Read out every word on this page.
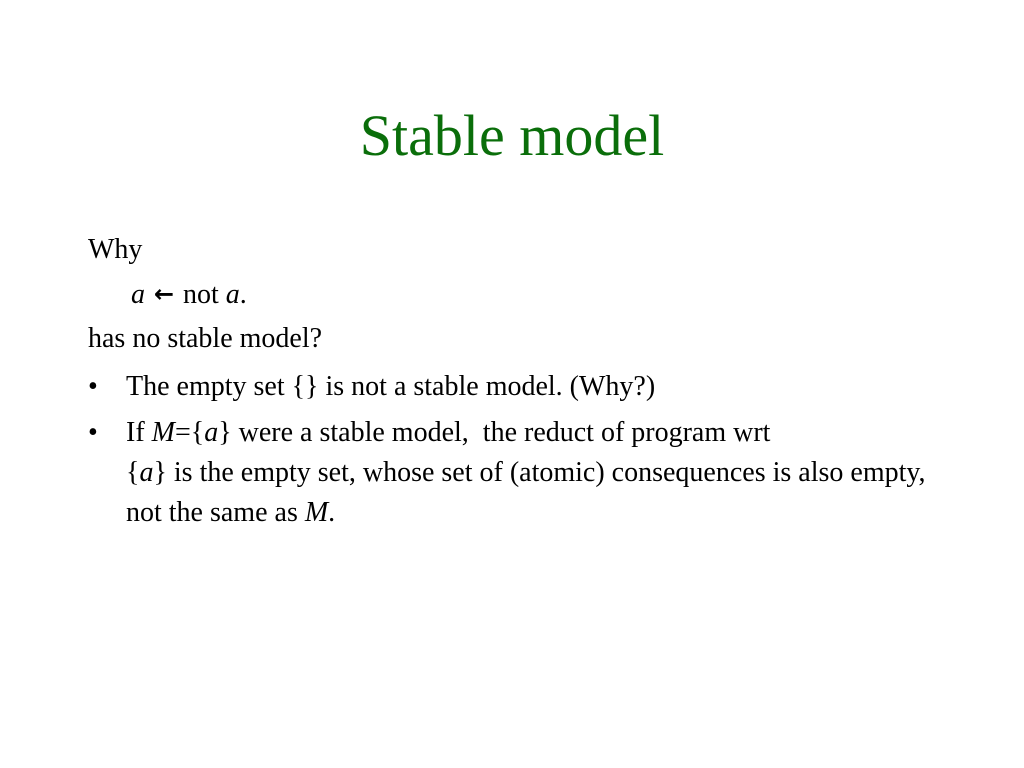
Stable model

Why

a ← not a.

has no stable model?

• The empty set {} is not a stable model. (Why?)
• If M={a} were a stable model,  the reduct of program wrt
{a} is the empty set, whose set of (atomic) consequences is also empty, not the same as M.
